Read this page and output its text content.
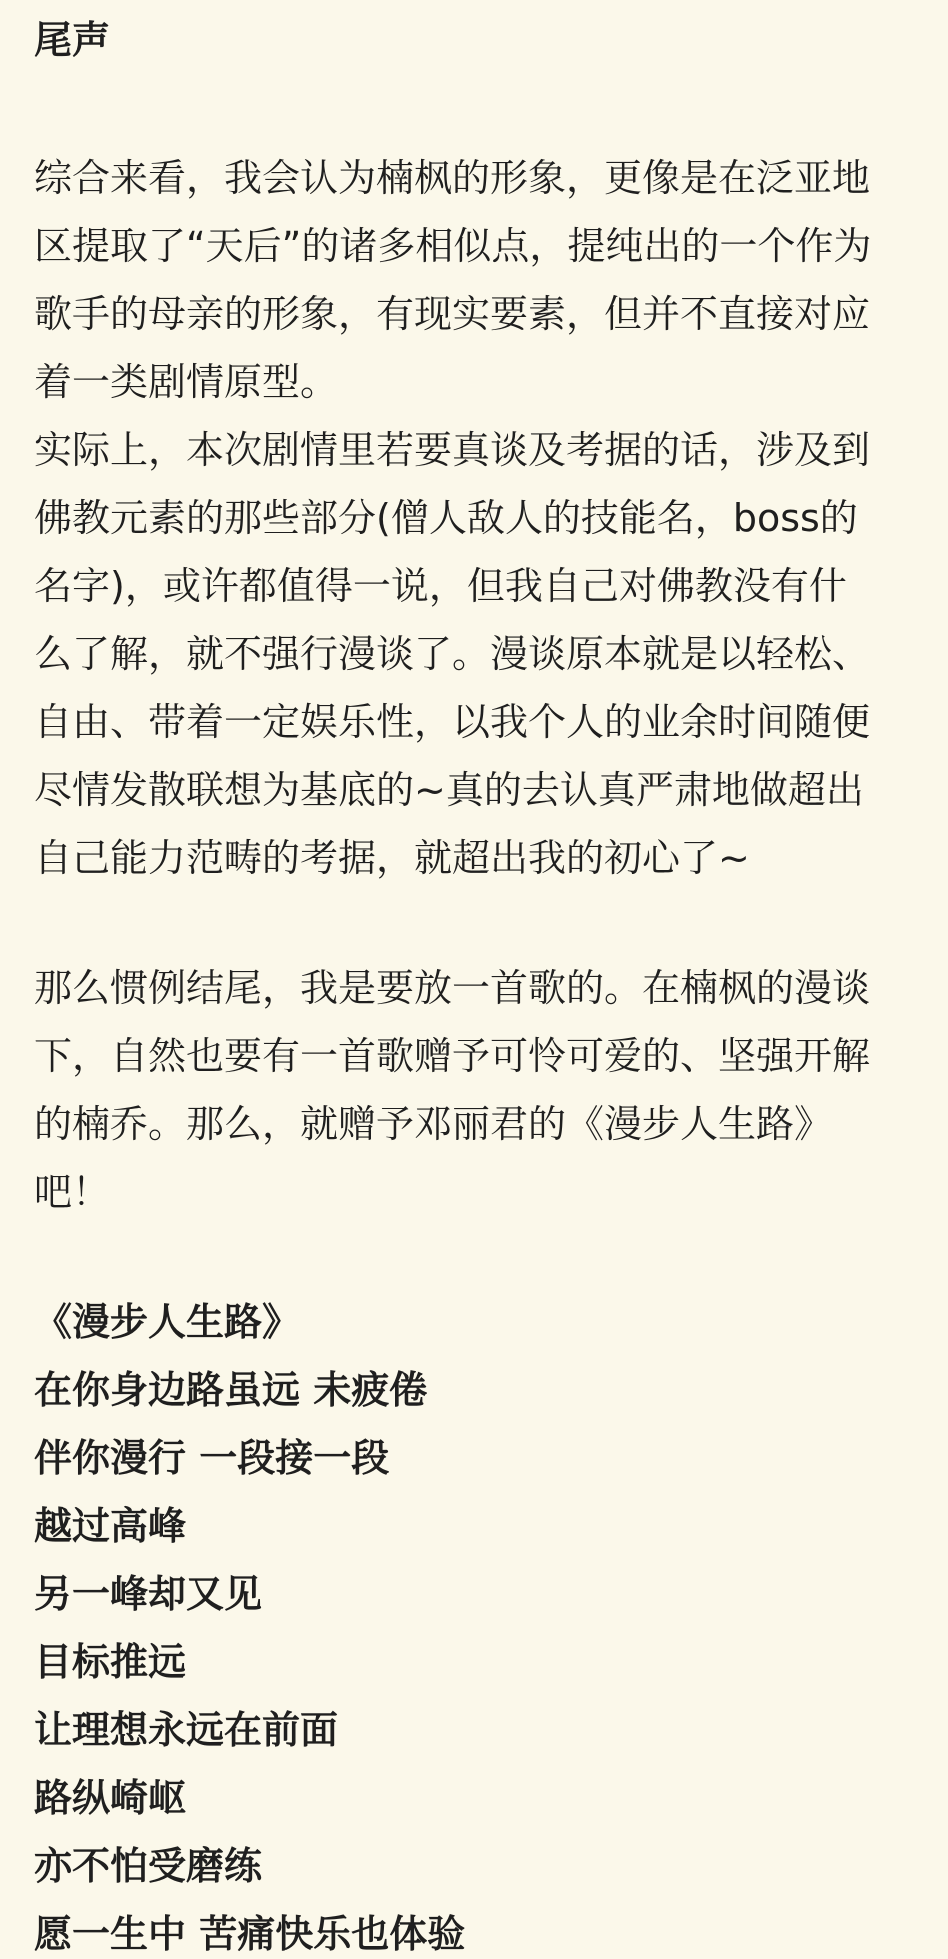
尾声

综合来看，我会认为楠枫的形象，更像是在泛亚地
区提取了“天后”的诸多相似点，提纯出的一个作为
歌手的母亲的形象，有现实要素，但并不直接对应
着一类剧情原型。
实际上，本次剧情里若要真谈及考据的话，涉及到
佛教元素的那些部分(僧人敌人的技能名，boss的
名字)，或许都值得一说，但我自己对佛教没有什
么了解，就不强行漫谈了。漫谈原本就是以轻松、
自由、带着一定娱乐性，以我个人的业余时间随便
尽情发散联想为基底的~真的去认真严肃地做超出
自己能力范畴的考据，就超出我的初心了~

那么惯例结尾，我是要放一首歌的。在楠枫的漫谈
下，自然也要有一首歌赠予可怜可爱的、坚强开解
的楠乔。那么，就赠予邓丽君的《漫步人生路》
吧！

《漫步人生路》
在你身边路虽远 未疲倦
伴你漫行 一段接一段
越过高峰
另一峰却又见
目标推远
让理想永远在前面
路纵崎岖
亦不怕受磨练
愿一生中 苦痛快乐也体验
